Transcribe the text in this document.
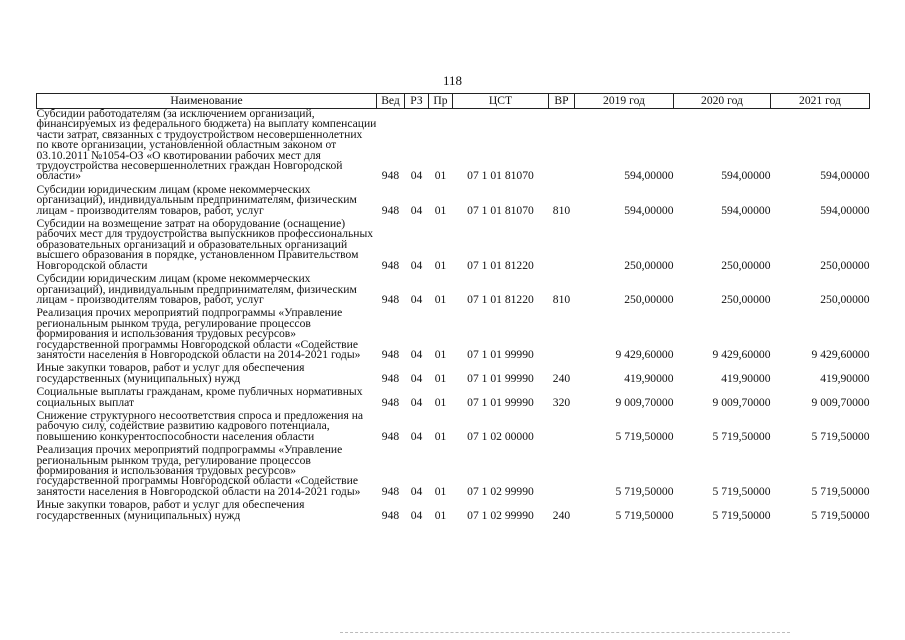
118
Наименование	Вед	РЗ	Пр	ЦСТ	ВР	2019 год	2020 год	2021 год
Субсидии работодателям (за исключением организаций, финансируемых из федерального бюджета) на выплату компенсации части затрат, связанных с трудоустройством несовершеннолетних по квоте организации, установленной областным законом от 03.10.2011 №1054-ОЗ «О квотировании рабочих мест для трудоустройства несовершеннолетних граждан Новгородской области»	948	04	01	07 1 01 81070		594,00000	594,00000	594,00000
Субсидии юридическим лицам (кроме некоммерческих организаций), индивидуальным предпринимателям, физическим лицам - производителям товаров, работ, услуг	948	04	01	07 1 01 81070	810	594,00000	594,00000	594,00000
Субсидии на возмещение затрат на оборудование (оснащение) рабочих мест для трудоустройства выпускников профессиональных образовательных организаций и образовательных организаций высшего образования в порядке, установленном Правительством Новгородской области	948	04	01	07 1 01 81220		250,00000	250,00000	250,00000
Субсидии юридическим лицам (кроме некоммерческих организаций), индивидуальным предпринимателям, физическим лицам - производителям товаров, работ, услуг	948	04	01	07 1 01 81220	810	250,00000	250,00000	250,00000
Реализация прочих мероприятий подпрограммы «Управление региональным рынком труда, регулирование процессов формирования и использования трудовых ресурсов» государственной программы Новгородской области «Содействие занятости населения в Новгородской области на 2014-2021 годы»	948	04	01	07 1 01 99990		9 429,60000	9 429,60000	9 429,60000
Иные закупки товаров, работ и услуг для обеспечения государственных (муниципальных) нужд	948	04	01	07 1 01 99990	240	419,90000	419,90000	419,90000
Социальные выплаты гражданам, кроме публичных нормативных социальных выплат	948	04	01	07 1 01 99990	320	9 009,70000	9 009,70000	9 009,70000
Снижение структурного несоответствия спроса и предложения на рабочую силу, содействие развитию кадрового потенциала, повышению конкурентоспособности населения области	948	04	01	07 1 02 00000		5 719,50000	5 719,50000	5 719,50000
Реализация прочих мероприятий подпрограммы «Управление региональным рынком труда, регулирование процессов формирования и использования трудовых ресурсов» государственной программы Новгородской области «Содействие занятости населения в Новгородской области на 2014-2021 годы»	948	04	01	07 1 02 99990		5 719,50000	5 719,50000	5 719,50000
Иные закупки товаров, работ и услуг для обеспечения государственных (муниципальных) нужд	948	04	01	07 1 02 99990	240	5 719,50000	5 719,50000	5 719,50000
